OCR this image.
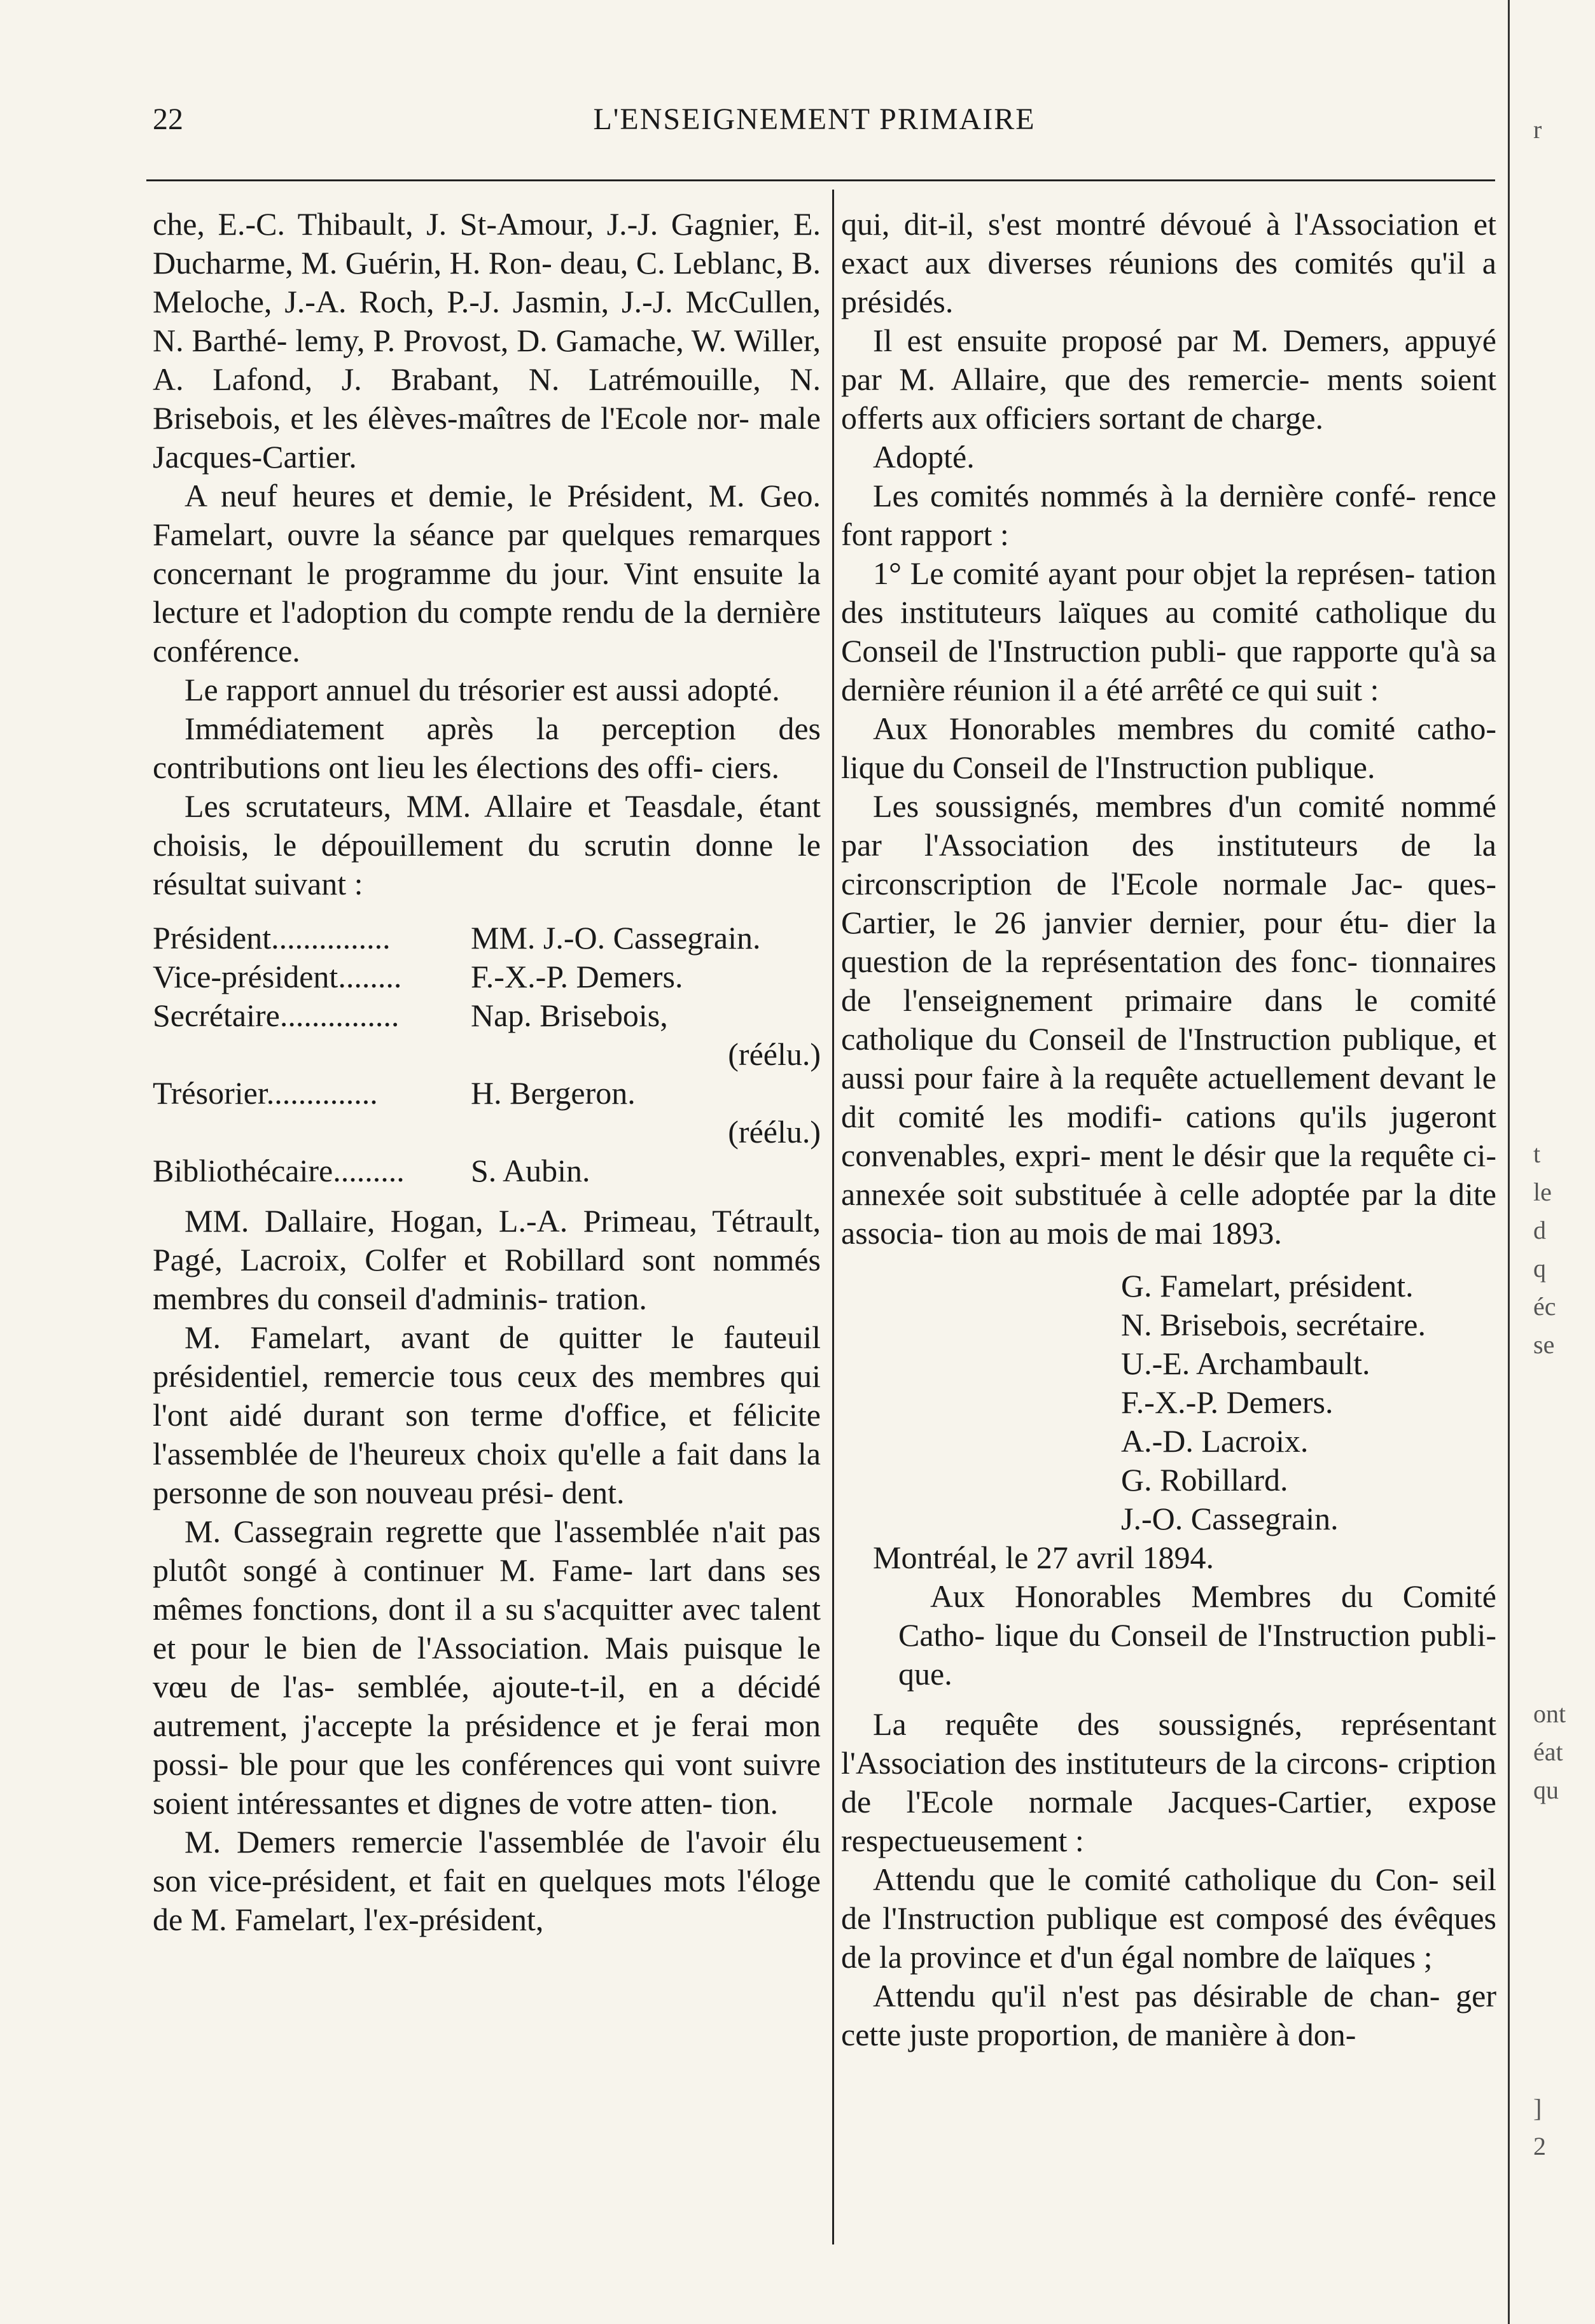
22	L'ENSEIGNEMENT PRIMAIRE

che, E.-C. Thibault, J. St-Amour, J.-J. Gagnier, E. Ducharme, M. Guérin, H. Ron- deau, C. Leblanc, B. Meloche, J.-A. Roch, P.-J. Jasmin, J.-J. McCullen, N. Barthé- lemy, P. Provost, D. Gamache, W. Willer, A. Lafond, J. Brabant, N. Latrémouille, N. Brisebois, et les élèves-maîtres de l'Ecole nor- male Jacques-Cartier.

A neuf heures et demie, le Président, M. Geo. Famelart, ouvre la séance par quelques remarques concernant le programme du jour. Vint ensuite la lecture et l'adoption du compte rendu de la dernière conférence.

Le rapport annuel du trésorier est aussi adopté.

Immédiatement après la perception des contributions ont lieu les élections des offi- ciers.

Les scrutateurs, MM. Allaire et Teasdale, étant choisis, le dépouillement du scrutin donne le résultat suivant :

Président...............	MM. J.-O. Cassegrain.
Vice-président........	F.-X.-P. Demers.
Secrétaire...............	Nap. Brisebois,
(réélu.)
Trésorier..............	H. Bergeron.
(réélu.)
Bibliothécaire.........	S. Aubin.

MM. Dallaire, Hogan, L.-A. Primeau, Tétrault, Pagé, Lacroix, Colfer et Robillard sont nommés membres du conseil d'adminis- tration.

M. Famelart, avant de quitter le fauteuil présidentiel, remercie tous ceux des membres qui l'ont aidé durant son terme d'office, et félicite l'assemblée de l'heureux choix qu'elle a fait dans la personne de son nouveau prési- dent.

M. Cassegrain regrette que l'assemblée n'ait pas plutôt songé à continuer M. Fame- lart dans ses mêmes fonctions, dont il a su s'acquitter avec talent et pour le bien de l'Association. Mais puisque le vœu de l'as- semblée, ajoute-t-il, en a décidé autrement, j'accepte la présidence et je ferai mon possi- ble pour que les conférences qui vont suivre soient intéressantes et dignes de votre atten- tion.

M. Demers remercie l'assemblée de l'avoir élu son vice-président, et fait en quelques mots l'éloge de M. Famelart, l'ex-président,

qui, dit-il, s'est montré dévoué à l'Association et exact aux diverses réunions des comités qu'il a présidés.

Il est ensuite proposé par M. Demers, appuyé par M. Allaire, que des remercie- ments soient offerts aux officiers sortant de charge.

Adopté.

Les comités nommés à la dernière confé- rence font rapport :

1° Le comité ayant pour objet la représen- tation des instituteurs laïques au comité catholique du Conseil de l'Instruction publi- que rapporte qu'à sa dernière réunion il a été arrêté ce qui suit :

Aux Honorables membres du comité catho- lique du Conseil de l'Instruction publique.

Les soussignés, membres d'un comité nommé par l'Association des instituteurs de la circonscription de l'Ecole normale Jac- ques-Cartier, le 26 janvier dernier, pour étu- dier la question de la représentation des fonc- tionnaires de l'enseignement primaire dans le comité catholique du Conseil de l'Instruction publique, et aussi pour faire à la requête actuellement devant le dit comité les modifi- cations qu'ils jugeront convenables, expri- ment le désir que la requête ci-annexée soit substituée à celle adoptée par la dite associa- tion au mois de mai 1893.

G. Famelart, président.
N. Brisebois, secrétaire.
U.-E. Archambault.
F.-X.-P. Demers.
A.-D. Lacroix.
G. Robillard.
J.-O. Cassegrain.

Montréal, le 27 avril 1894.

Aux Honorables Membres du Comité Catho- lique du Conseil de l'Instruction publi- que.

La requête des soussignés, représentant l'Association des instituteurs de la circons- cription de l'Ecole normale Jacques-Cartier, expose respectueusement :

Attendu que le comité catholique du Con- seil de l'Instruction publique est composé des évêques de la province et d'un égal nombre de laïques ;

Attendu qu'il n'est pas désirable de chan- ger cette juste proportion, de manière à don-

r
t
le
d
q
éc
se
ont
éat
qu
]
2
